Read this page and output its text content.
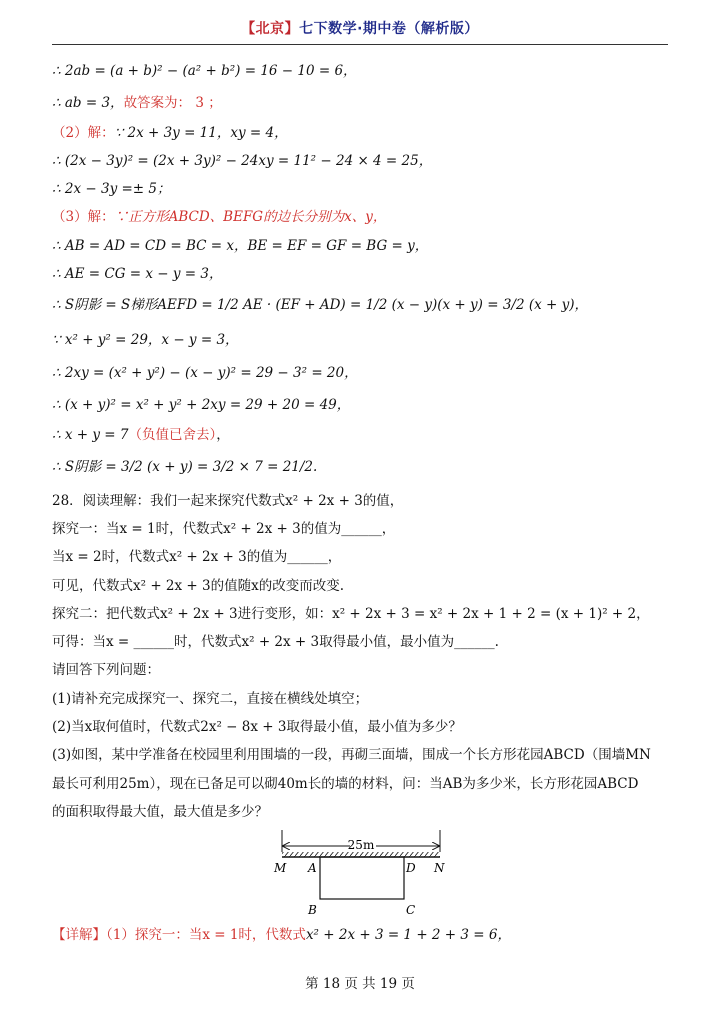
【北京】七下数学·期中卷（解析版）
∴ 2ab = (a + b)² − (a² + b²) = 16 − 10 = 6，
∴ ab = 3，故答案为： 3 ；
（2）解：∵ 2x + 3y = 11，xy = 4，
∴ (2x − 3y)² = (2x + 3y)² − 24xy = 11² − 24 × 4 = 25，
∴ 2x − 3y =± 5；
（3）解：∵正方形ABCD、BEFG的边长分别为x、y，
∴ AB = AD = CD = BC = x，BE = EF = GF = BG = y，
∴ AE = CG = x − y = 3，
∴ S阴影 = S梯形AEFD = 1/2 AE · (EF + AD) = 1/2 (x − y)(x + y) = 3/2 (x + y)，
∵ x² + y² = 29，x − y = 3，
∴ 2xy = (x² + y²) − (x − y)² = 29 − 3² = 20，
∴ (x + y)² = x² + y² + 2xy = 29 + 20 = 49，
∴ x + y = 7（负值已舍去），
∴ S阴影 = 3/2 (x + y) = 3/2 × 7 = 21/2.
28．阅读理解：我们一起来探究代数式x² + 2x + 3的值，
探究一：当x = 1时，代数式x² + 2x + 3的值为______，
当x = 2时，代数式x² + 2x + 3的值为______，
可见，代数式x² + 2x + 3的值随x的改变而改变.
探究二：把代数式x² + 2x + 3进行变形，如：x² + 2x + 3 = x² + 2x + 1 + 2 = (x + 1)² + 2，
可得：当x = ______时，代数式x² + 2x + 3取得最小值，最小值为______.
请回答下列问题：
(1)请补充完成探究一、探究二，直接在横线处填空；
(2)当x取何值时，代数式2x² − 8x + 3取得最小值，最小值为多少？
(3)如图，某中学准备在校园里利用围墙的一段，再砌三面墙，围成一个长方形花园ABCD（围墙MN
最长可利用25m），现在已备足可以砌40m长的墙的材料，问：当AB为多少米，长方形花园ABCD
的面积取得最大值，最大值是多少？
25m
M A	D N
B	C
【详解】（1）探究一：当x = 1时，代数式x² + 2x + 3 = 1 + 2 + 3 = 6，
第 18 页 共 19 页
